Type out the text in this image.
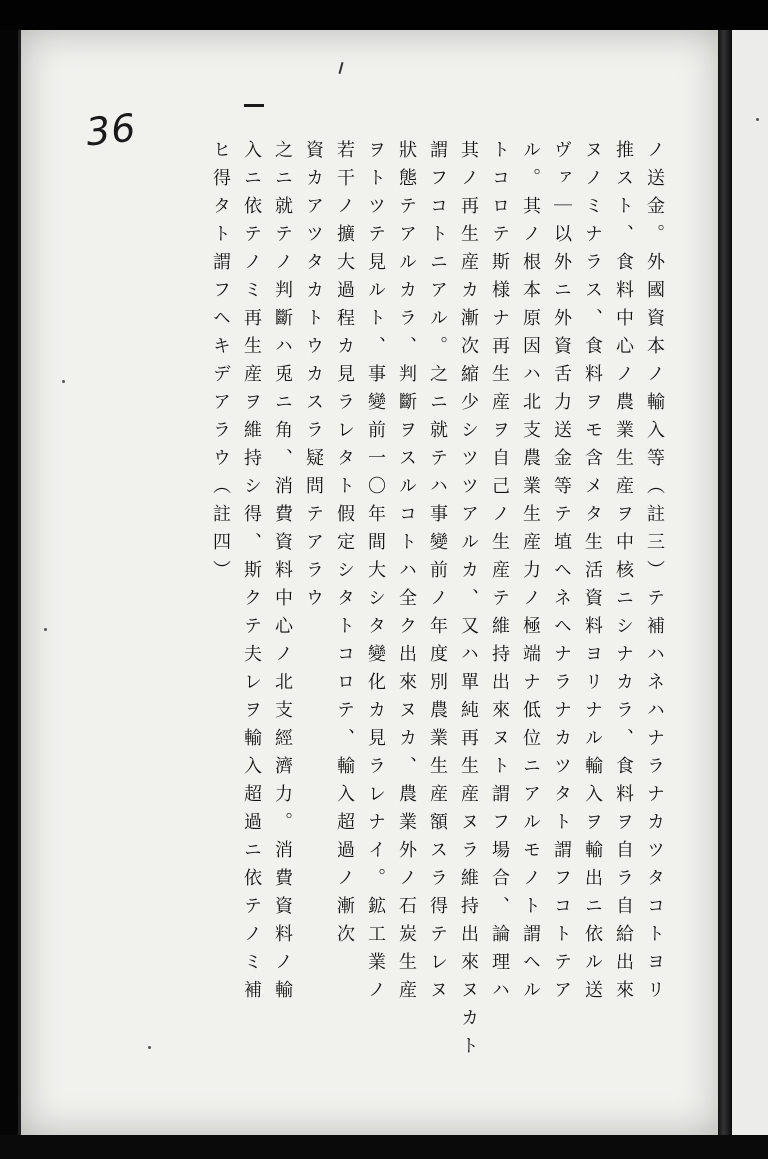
36
ノ送金。外國資本ノ輸入等（註三）テ補ハネハナラナカツタコトヨリ
推スト、食料中心ノ農業生産ヲ中核ニシナカラ、食料ヲ自ラ自給出來
ヌノミナラス、食料ヲモ含メタ生活資料ヨリナル輸入ヲ輸出ニ依ル送
ヴァ｜以外ニ外資舌力送金等テ埴ヘネヘナラナカツタト謂フコトテア
ル。其ノ根本原因ハ北支農業生産力ノ極端ナ低位ニアルモノト謂ヘル
トコロテ斯様ナ再生産ヲ自己ノ生産テ維持出來ヌト謂フ場合、論理ハ
其ノ再生産カ漸次縮少シツツアルカ、又ハ單純再生産ヌラ維持出來ヌカト
謂フコトニアル。之ニ就テハ事變前ノ年度別農業生産額スラ得テレヌ
狀態テアルカラ、判斷ヲスルコトハ全ク出來ヌカ、農業外ノ石炭生産
ヲトツテ見ルト、事變前一〇年間大シタ變化カ見ラレナイ。鉱工業ノ
若干ノ擴大過程カ見ラレタト假定シタトコロテ、輸入超過ノ漸次
資カアツタカトウカスラ疑問テアラウ
之ニ就テノ判斷ハ兎ニ角、消費資料中心ノ北支經濟力。消費資料ノ輸
入ニ依テノミ再生産ヲ維持シ得、斯クテ夫レヲ輸入超過ニ依テノミ補
ヒ得タト謂フヘキデアラウ（註四）
